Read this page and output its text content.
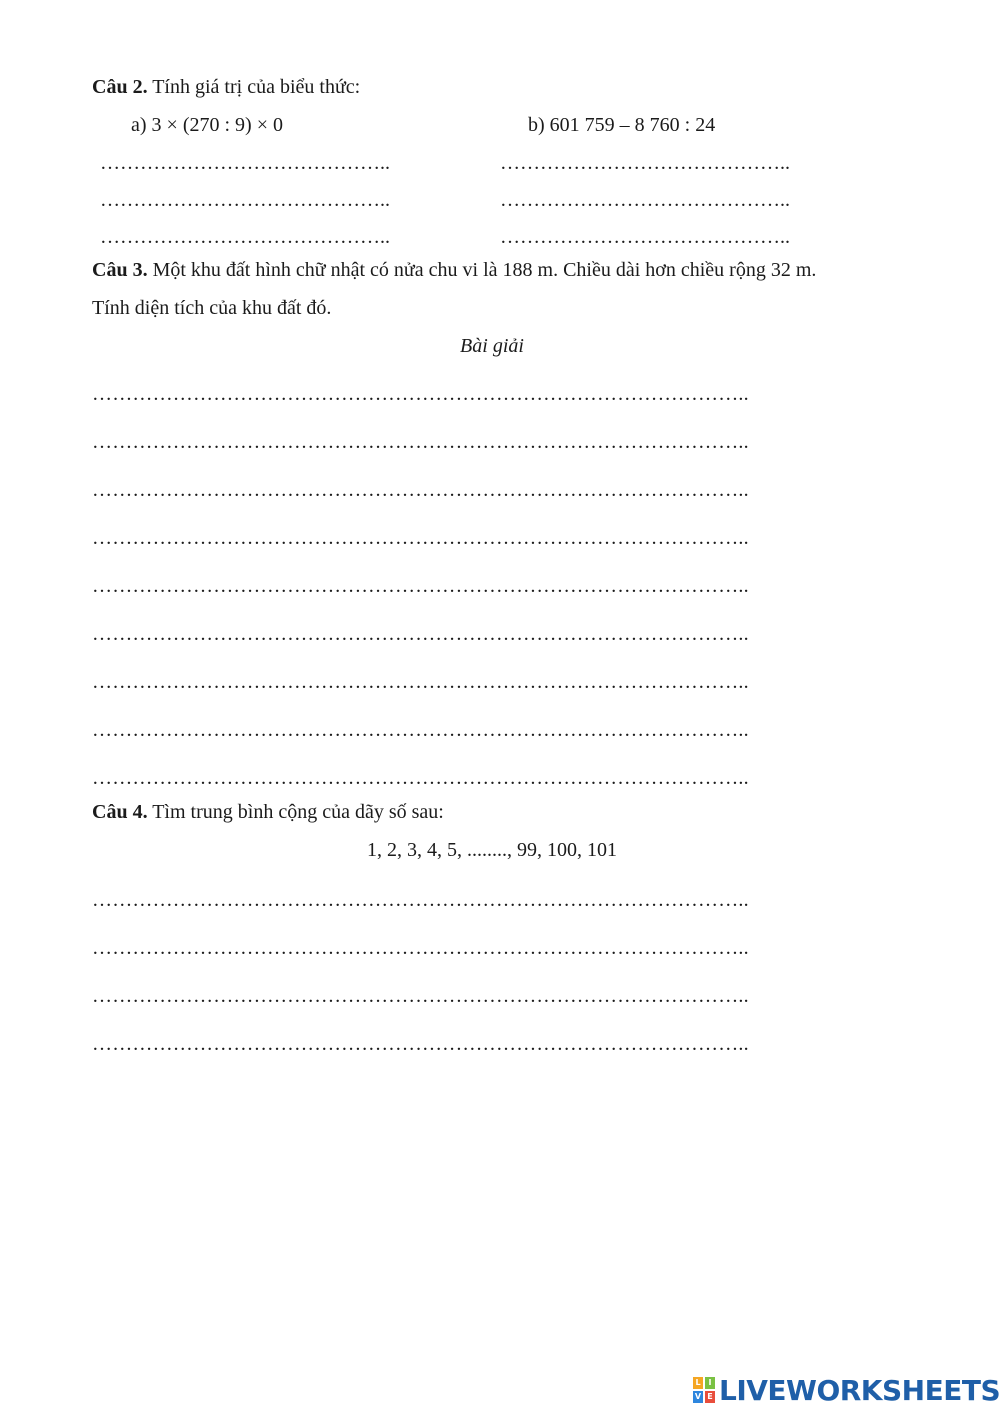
Câu 2. Tính giá trị của biểu thức:
a) 3 × (270 : 9) × 0	b) 601 759 – 8 760 : 24
……………………………………..	……………………………………..
……………………………………..	……………………………………..
……………………………………..	……………………………………..
Câu 3. Một khu đất hình chữ nhật có nửa chu vi là 188 m. Chiều dài hơn chiều rộng 32 m.
Tính diện tích của khu đất đó.
Bài giải
……………………………………………………………………………………..
……………………………………………………………………………………..
……………………………………………………………………………………..
……………………………………………………………………………………..
……………………………………………………………………………………..
……………………………………………………………………………………..
……………………………………………………………………………………..
……………………………………………………………………………………..
……………………………………………………………………………………..
Câu 4. Tìm trung bình cộng của dãy số sau:
1, 2, 3, 4, 5, ........, 99, 100, 101
……………………………………………………………………………………..
……………………………………………………………………………………..
……………………………………………………………………………………..
……………………………………………………………………………………..
L I
V E LIVEWORKSHEETS
